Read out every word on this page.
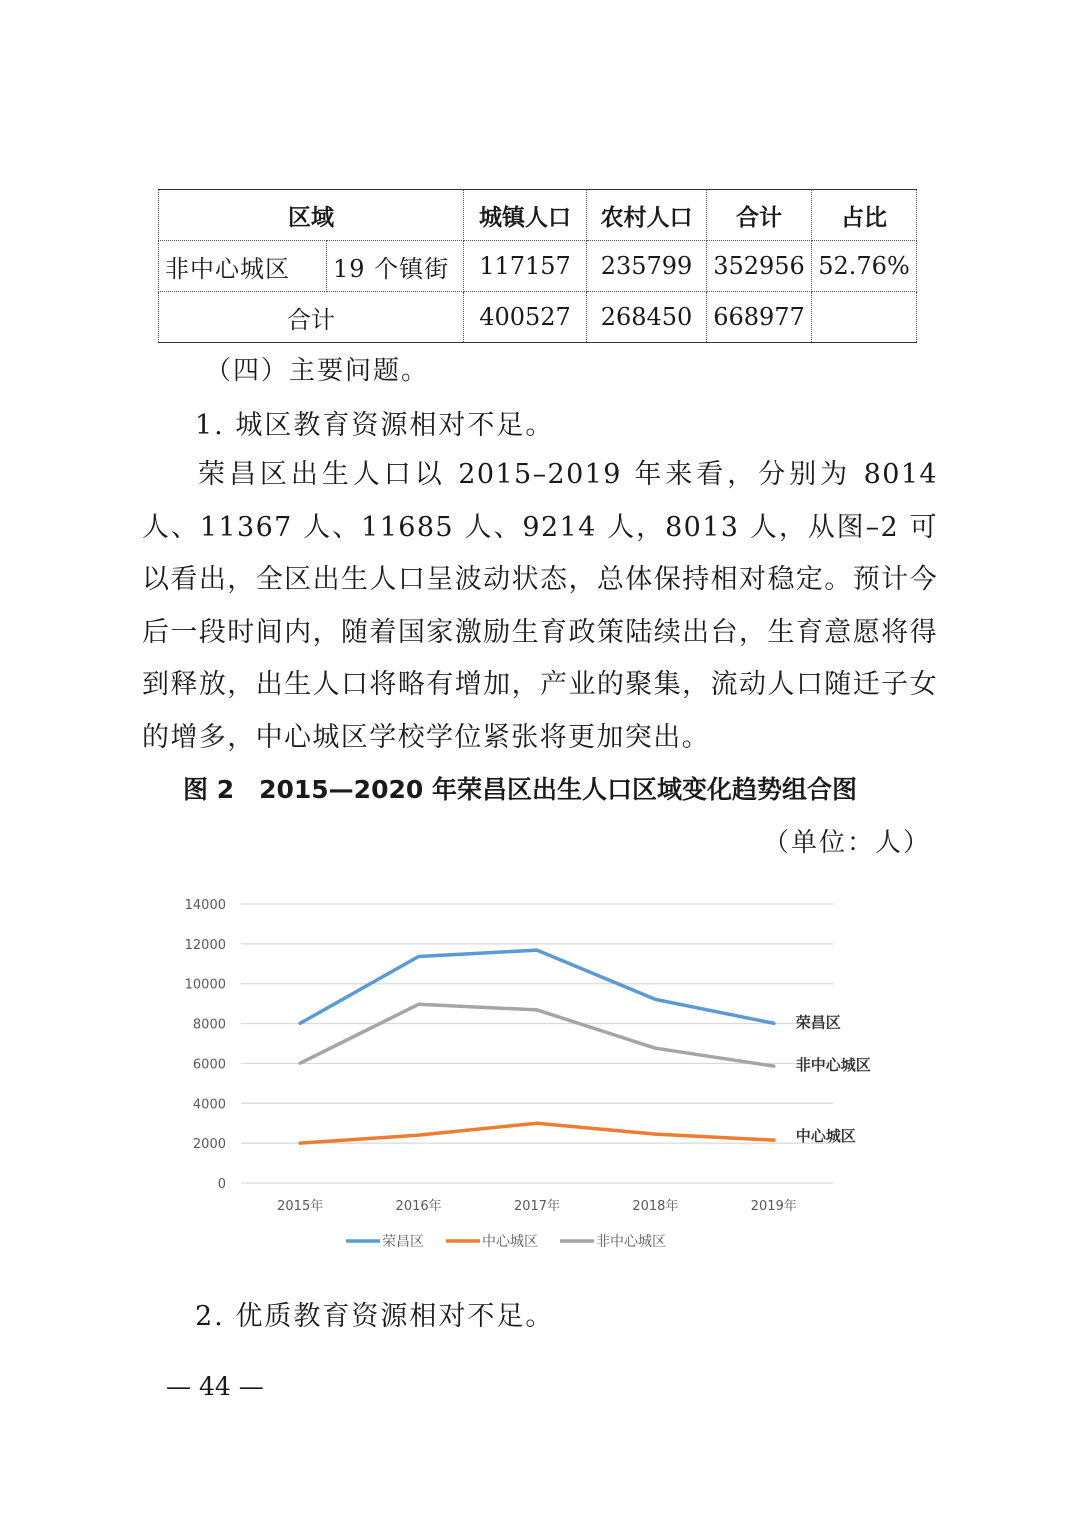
区域		城镇人口	农村人口	合计	占比
非中心城区	19 个镇街	117157	235799	352956	52.76%
合计		400527	268450	668977	
（四）主要问题。
1. 城区教育资源相对不足。
荣昌区出生人口以 2015–2019 年来看，分别为 8014 人、11367 人、11685 人、9214 人，8013 人，从图–2 可以看出，全区出生人口呈波动状态，总体保持相对稳定。预计今后一段时间内，随着国家激励生育政策陆续出台，生育意愿将得到释放，出生人口将略有增加，产业的聚集，流动人口随迁子女的增多，中心城区学校学位紧张将更加突出。
图 2　2015—2020 年荣昌区出生人口区域变化趋势组合图
（单位：人）
0
2000
4000
6000
8000
10000
12000
14000
2015年	2016年	2017年	2018年	2019年
荣昌区
中心城区
非中心城区
荣昌区	中心城区	非中心城区
2. 优质教育资源相对不足。
— 44 —
